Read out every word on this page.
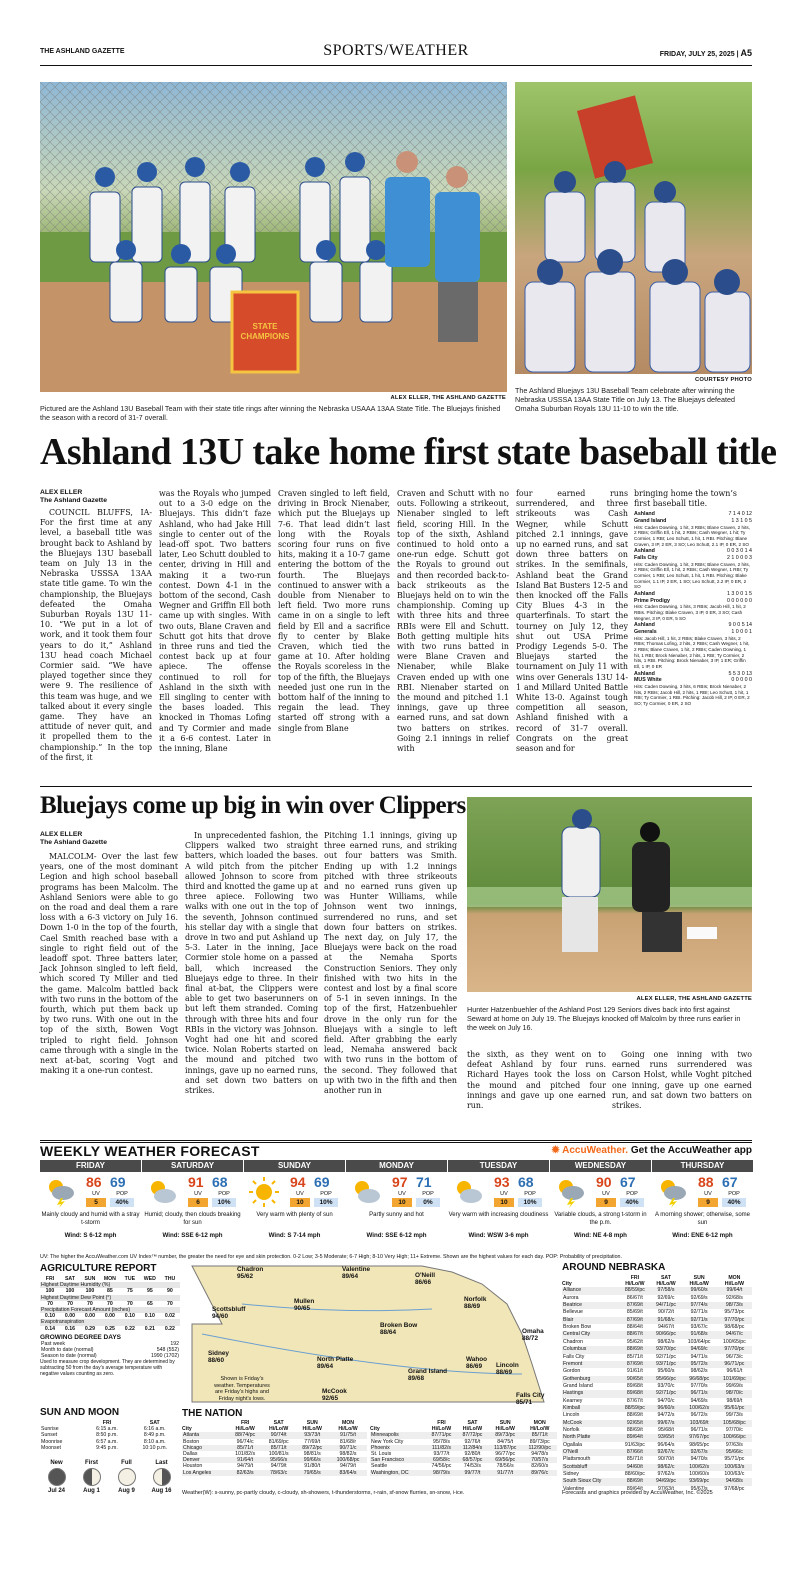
THE ASHLAND GAZETTE	SPORTS/WEATHER	FRIDAY, JULY 25, 2025 | A5
STATE CHAMPIONS
ALEX ELLER, THE ASHLAND GAZETTE
Pictured are the Ashland 13U Baseball Team with their state title rings after winning the Nebraska USAAA 13AA State Title. The Bluejays finished the season with a record of 31-7 overall.
COURTESY PHOTO
The Ashland Bluejays 13U Baseball Team celebrate after winning the Nebraska USSSA 13AA State Title on July 13. The Bluejays defeated Omaha Suburban Royals 13U 11-10 to win the title.
Ashland 13U take home first state baseball title
ALEX ELLER
The Ashland Gazette

COUNCIL BLUFFS, IA- For the first time at any level, a baseball title was brought back to Ashland by the Bluejays 13U baseball team on July 13 in the Nebraska USSSA 13AA state title game. To win the championship, the Bluejays defeated the Omaha Suburban Royals 13U 11-10. “We put in a lot of work, and it took them four years to do it,” Ashland 13U head coach Michael Cormier said. “We have played together since they were 9. The resilience of this team was huge, and we talked about it every single game. They have an attitude of never quit, and it propelled them to the championship.” In the top of the first, it

was the Royals who jumped out to a 3-0 edge on the Bluejays. This didn’t faze Ashland, who had Jake Hill single to center out of the lead-off spot. Two batters later, Leo Schutt doubled to center, driving in Hill and making it a two-run contest. Down 4-1 in the bottom of the second, Cash Wegner and Griffin Ell both came up with singles. With two outs, Blane Craven and Schutt got hits that drove in three runs and tied the contest back up at four apiece. The offense continued to roll for Ashland in the sixth with Ell singling to center with the bases loaded. This knocked in Thomas Lofing and Ty Cormier and made it a 6-6 contest. Later in the inning, Blane

Craven singled to left field, driving in Brock Nienaber, which put the Bluejays up 7-6. That lead didn’t last long with the Royals scoring four runs on five hits, making it a 10-7 game entering the bottom of the fourth. The Bluejays continued to answer with a double from Nienaber to left field. Two more runs came in on a single to left field by Ell and a sacrifice fly to center by Blake Craven, which tied the game at 10. After holding the Royals scoreless in the top of the fifth, the Bluejays needed just one run in the bottom half of the inning to regain the lead. They started off strong with a single from Blane

Craven and Schutt with no outs. Following a strikeout, Nienaber singled to left field, scoring Hill. In the top of the sixth, Ashland continued to hold onto a one-run edge. Schutt got the Royals to ground out and then recorded back-to-back strikeouts as the Bluejays held on to win the championship. Coming up with three hits and three RBIs were Ell and Schutt. Both getting multiple hits with two runs batted in were Blane Craven and Nienaber, while Blake Craven ended up with one RBI. Nienaber started on the mound and pitched 1.1 innings, gave up three earned runs, and sat down two batters on strikes. Going 2.1 innings in relief with

four earned runs surrendered, and three strikeouts was Cash Wegner, while Schutt pitched 2.1 innings, gave up no earned runs, and sat down three batters on strikes. In the semifinals, Ashland beat the Grand Island Bat Busters 12-5 and then knocked off the Falls City Blues 4-3 in the quarterfinals. To start the tourney on July 12, they shut out USA Prime Prodigy Legends 5-0. The Bluejays started the tournament on July 11 with wins over Generals 13U 14-1 and Millard United Battle White 13-0. Against tough competition all season, Ashland finished with a record of 31-7 overall. Congrats on the great season and for

bringing home the town’s first baseball title.
Ashland	7 1 4 0 12
Grand Island	1 3 1 0 5
Hits: Caden Downing, 1 hit, 3 RBIs; Blane Craven, 2 hits, 2 RBIs; Griffin Ell, 1 hit, 2 RBIs; Cash Wegner, 1 hit; Ty Cormier, 1 RBI; Leo Schutt, 1 hit, 1 RBI. Pitching: Blane Craven, 3 IP, 2 ER, 3 SO; Leo Schutt, 2.1 IP, 0 ER, 2 SO
Ashland	0 0 3 0 1 4
Falls City	2 1 0 0 0 3
Hits: Caden Downing, 1 hit, 3 RBIs; Blane Craven, 2 hits, 2 RBIs; Griffin Ell, 1 hit, 2 RBIs; Cash Wegner, 1 RBI; Ty Cormier, 1 RBI; Leo Schutt, 1 hit, 1 RBI. Pitching: Blake Cormier, 1.1 IP, 2 ER, 1 SO; Leo Schutt, 2.2 IP, 0 ER, 2 SO
Ashland	1 3 0 0 1 5
Prime Prodigy	0 0 0 0 0 0
Hits: Caden Downing, 1 hits, 3 RBIs; Jacob Hill, 1 hit, 2 RBIs. Pitching: Blake Craven, 3 IP, 0 ER, 3 SO; Cash Wegner, 3 IP, 0 ER, 5 SO
Ashland	9 0 0 5 14
Generals	1 0 0 0 1
Hits: Jacob Hill, 1 hit, 2 RBIs; Blake Craven, 3 hits, 2 RBIs; Thomas Lofing, 2 hits, 2 RBIs; Cash Wegner, 1 hit, 2 RBIs; Blane Craven, 1 hit, 2 RBIs; Caden Downing, 1 hit, 1 RBI; Brock Nienaber, 2 hits, 1 RBI; Ty Cormier, 2 hits, 1 RBI. Pitching: Brock Nienaber, 3 IP, 1 ER; Griffin Ell, 1 IP, 0 ER
Ashland	5 5 3 0 13
MUS White	0 0 0 0 0
Hits: Caden Downing, 3 hits, 6 RBIs; Brock Nienaber, 2 hits, 2 RBIs; Jacob Hill, 2 hits, 1 RBI; Leo Schutt, 1 hit, 1 RBI; Ty Cormier, 1 RBI. Pitching: Jacob Hill, 2 IP, 0 ER, 2 SO; Ty Cormier, 0 ER, 2 SO
Bluejays come up big in win over Clippers
ALEX ELLER
The Ashland Gazette

MALCOLM- Over the last few years, one of the most dominant Legion and high school baseball programs has been Malcolm. The Ashland Seniors were able to go on the road and deal them a rare loss with a 6-3 victory on July 16. Down 1-0 in the top of the fourth, Cael Smith reached base with a single to right field out of the leadoff spot. Three batters later, Jack Johnson singled to left field, which scored Ty Miller and tied the game. Malcolm battled back with two runs in the bottom of the fourth, which put them back up by two runs. With one out in the top of the sixth, Bowen Vogt tripled to right field. Johnson came through with a single in the next at-bat, scoring Vogt and making it a one-run contest.

In unprecedented fashion, the Clippers walked two straight batters, which loaded the bases. A wild pitch from the pitcher allowed Johnson to score from third and knotted the game up at three apiece. Following two walks with one out in the top of the seventh, Johnson continued his stellar day with a single that drove in two and put Ashland up 5-3. Later in the inning, Jace Cormier stole home on a passed ball, which increased the Bluejays edge to three. In their final at-bat, the Clippers were able to get two baserunners on but left them stranded. Coming through with three hits and four RBIs in the victory was Johnson. Voght had one hit and scored twice. Nolan Roberts started on the mound and pitched two innings, gave up no earned runs, and set down two batters on strikes.

Pitching 1.1 innings, giving up three earned runs, and striking out four batters was Smith. Ending up with 1.2 innings pitched with three strikeouts and no earned runs given up was Hunter Williams, while Johnson went two innings, surrendered no runs, and set down four batters on strikes. The next day, on July 17, the Bluejays were back on the road at the Nemaha Sports Construction Seniors. They only finished with two hits in the contest and lost by a final score of 5-1 in seven innings. In the top of the first, Hatzenbuehler drove in the only run for the Bluejays with a single to left field. After grabbing the early lead, Nemaha answered back with two runs in the bottom of the second. They followed that up with two in the fifth and then another run in

ALEX ELLER, THE ASHLAND GAZETTE
Hunter Hatzenbuehler of the Ashland Post 129 Seniors dives back into first against Seward at home on July 19. The Bluejays knocked off Malcolm by three runs earlier in the week on July 16.

the sixth, as they went on to defeat Ashland by four runs. Richard Hayes took the loss on the mound and pitched four innings and gave up one earned run.

Going one inning with two earned runs surrendered was Carson Holst, while Voght pitched one inning, gave up one earned run, and sat down two batters on strikes.

WEEKLY WEATHER FORECAST	✹ AccuWeather. Get the AccuWeather app
FRIDAY
86 69
UV	POP
5	40%
Mainly cloudy and humid with a stray t-storm
Wind: S 6-12 mph
SATURDAY
91 68
UV	POP
6	10%
Humid; cloudy, then clouds breaking for sun
Wind: SSE 6-12 mph
SUNDAY
94 69
UV	POP
10	10%
Very warm with plenty of sun
Wind: S 7-14 mph
MONDAY
97 71
UV	POP
10	0%
Partly sunny and hot
Wind: SSE 6-12 mph
TUESDAY
93 68
UV	POP
10	10%
Very warm with increasing cloudiness
Wind: WSW 3-6 mph
WEDNESDAY
90 67
UV	POP
9	40%
Variable clouds, a strong t-storm in the p.m.
Wind: NE 4-8 mph
THURSDAY
88 67
UV	POP
9	40%
A morning shower; otherwise, some sun
Wind: ENE 6-12 mph
UV: The higher the AccuWeather.com UV Index™ number, the greater the need for eye and skin protection. 0-2 Low; 3-5 Moderate; 6-7 High; 8-10 Very High; 11+ Extreme. Shown are the highest values for each day. POP: Probability of precipitation.
AGRICULTURE REPORT
FRI	SAT	SUN	MON	TUE	WED	THU
Highest Daytime Humidity (%)						
100	100	100	85	75	95	90
Highest Daytime Dew Point (°)						
70	70	70	70	70	65	70
Precipitation Forecast Amount (inches)						
0.10	0.00	0.00	0.00	0.10	0.10	0.02
Evapotranspiration						
0.14	0.16	0.29	0.25	0.22	0.21	0.22
GROWING DEGREE DAYS
Past week	192
Month to date (normal)	548 (552)
Season to date (normal)	1990 (1702)
Used to measure crop development. They are determined by subtracting 50 from the day’s average temperature with negative values counting as zero.
SUN AND MOON
	FRI	SAT
Sunrise	6:15 a.m.	6:16 a.m.
Sunset	8:50 p.m.	8:49 p.m.
Moonrise	6:57 a.m.	8:10 a.m.
Moonset	9:45 p.m.	10:10 p.m.
New
Jul 24
First
Aug 1
Full
Aug 9
Last
Aug 16
Chadron
95/62
Valentine
89/64	O'Neill
86/66
Scottsbluff
94/60
Mullen
90/65
Norfolk
88/69
Broken Bow
88/64	Omaha
88/72
Sidney
88/60	North Platte
89/64
Wahoo
86/69	Lincoln
88/69
Grand Island
89/68
McCook
92/65	Falls City
85/71
Shown is Friday’s weather. Temperatures are Friday’s highs and Friday night’s lows.
THE NATION
	FRI	SAT	SUN	MON
City	Hi/Lo/W	Hi/Lo/W	Hi/Lo/W	Hi/Lo/W
Atlanta	88/74/pc	90/74/t	93/73/t	91/75/t
Boston	96/74/c	81/69/pc	77/69/t	81/68/r
Chicago	85/71/t	85/71/t	89/72/pc	90/71/c
Dallas	101/82/s	100/81/s	98/81/s	98/82/s
Denver	91/64/t	95/66/s	99/66/s	100/68/pc
Houston	94/79/t	94/79/t	91/80/t	94/79/t
Los Angeles	82/63/s	78/63/c	79/65/s	83/64/s
	FRI	SAT	SUN	MON
City	Hi/Lo/W	Hi/Lo/W	Hi/Lo/W	Hi/Lo/W
Minneapolis	87/71/pc	87/72/pc	89/73/pc	85/71/t
New York City	95/78/s	92/76/t	84/75/t	89/73/pc
Phoenix	111/82/s	112/84/s	113/87/pc	112/90/pc
St. Louis	93/77/t	92/80/t	96/77/pc	94/78/s
San Francisco	69/58/c	68/57/pc	69/56/pc	70/57/s
Seattle	74/56/pc	74/53/s	78/56/s	82/60/s
Washington, DC	98/79/s	99/77/t	91/77/t	89/76/c
Weather(W): s-sunny, pc-partly cloudy, c-cloudy, sh-showers, t-thunderstorms, r-rain, sf-snow flurries, sn-snow, i-ice.
AROUND NEBRASKA
	FRI	SAT	SUN	MON
City	Hi/Lo/W	Hi/Lo/W	Hi/Lo/W	Hi/Lo/W
Alliance	88/59/pc	97/58/s	99/60/s	99/64/t
Aurora	86/67/t	92/69/c	92/69/s	92/68/s
Beatrice	87/69/t	94/71/pc	97/74/s	98/73/s
Bellevue	85/69/t	90/72/t	92/71/s	95/73/pc
Blair	87/69/t	91/68/c	92/71/s	97/70/pc
Broken Bow	88/64/t	94/67/t	93/67/c	98/68/pc
Central City	88/67/t	90/66/pc	91/68/s	94/67/c
Chadron	95/62/t	98/62/s	103/64/pc	100/65/pc
Columbus	88/69/t	93/70/pc	94/69/c	97/70/pc
Falls City	85/71/t	92/71/pc	94/71/s	96/73/c
Fremont	87/69/t	93/71/pc	95/72/s	96/71/pc
Gordon	91/61/t	95/60/s	98/62/s	96/61/t
Gothenburg	90/65/t	95/66/pc	96/68/pc	101/69/pc
Grand Island	89/68/t	93/70/c	97/70/s	99/69/s
Hastings	89/68/t	92/71/pc	96/71/s	98/70/c
Kearney	87/67/t	94/70/c	94/69/s	98/69/t
Kimball	88/59/pc	96/60/s	100/62/s	95/61/pc
Lincoln	88/69/t	94/72/s	96/72/s	99/73/s
McCook	92/65/t	99/67/s	103/69/t	105/68/pc
Norfolk	88/69/t	95/68/t	96/71/s	97/70/c
North Platte	89/64/t	93/65/t	97/67/pc	100/66/pc
Ogallala	91/63/pc	96/64/s	98/65/pc	97/63/s
O'Neill	87/66/t	92/67/c	92/67/s	95/66/c
Plattsmouth	85/71/t	90/70/t	94/70/s	95/71/pc
Scottsbluff	94/60/t	98/62/c	100/62/s	100/63/s
Sidney	88/60/pc	97/62/s	100/60/s	100/63/c
South Sioux City	88/69/t	94/69/pc	93/69/pc	94/68/s
Valentine	89/64/t	97/63/t	95/67/s	97/68/pc
Forecasts and graphics provided by AccuWeather, Inc. ©2025
